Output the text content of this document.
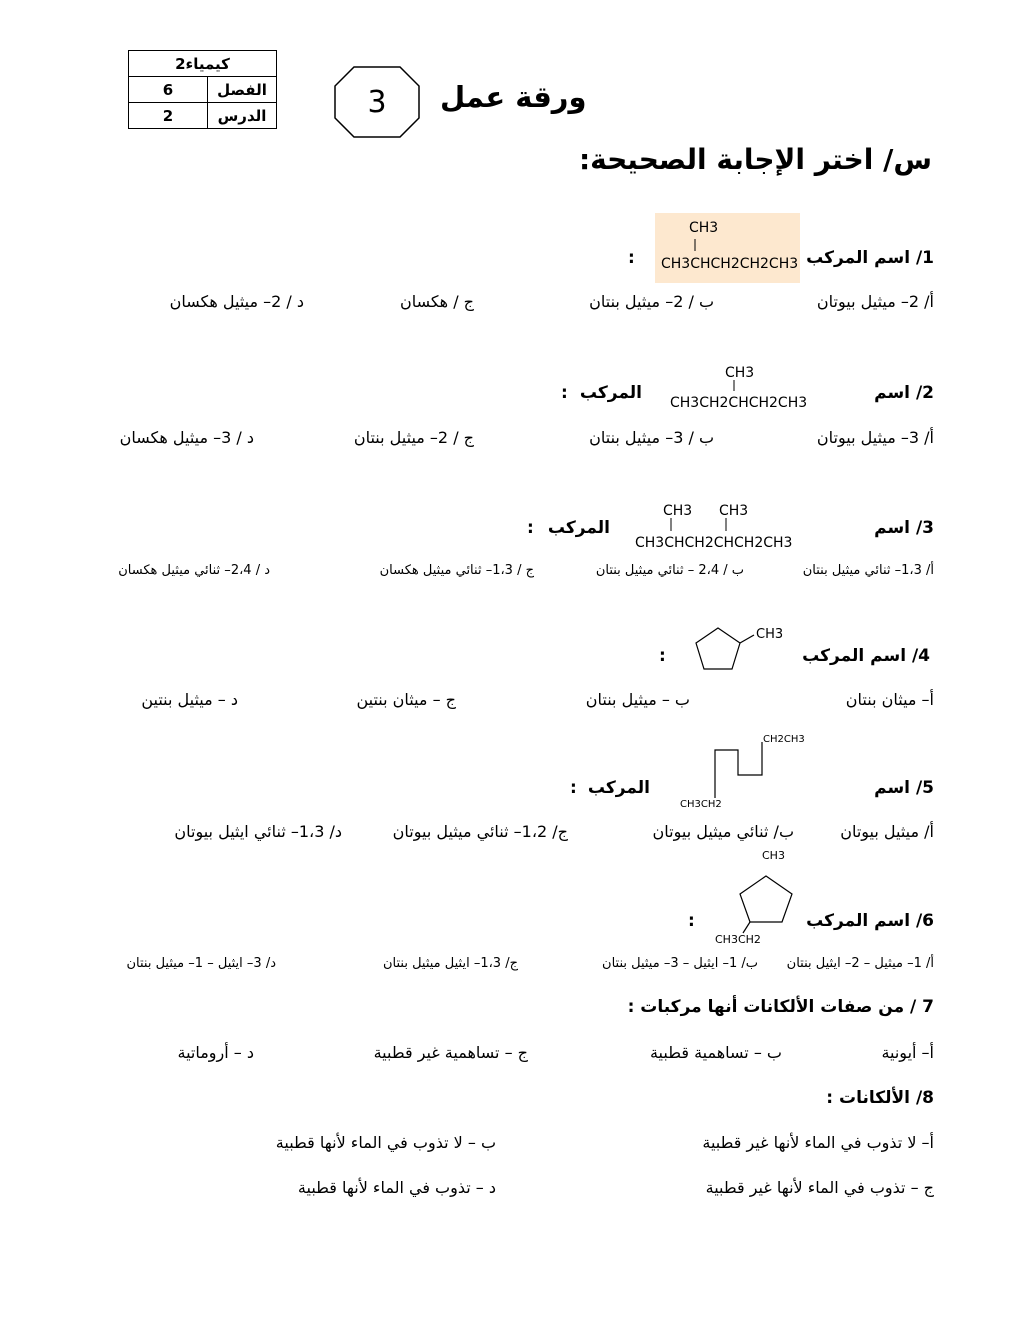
2كيمياء	
6	الفصل
2	الدرس	3 ورقة عمل
س/ اختر الإجابة الصحيحة:
1/ اسم المركب
:
CH3
CH3CHCH2CH2CH3
أ/ 2– ميثيل بيوتان
ب / 2– ميثيل بنتان
ج / هكسان
د / 2– ميثيل هكسان
2/ اسم
المركب
:
CH3
CH3CH2CHCH2CH3
أ/ 3– ميثيل بيوتان
ب / 3– ميثيل بنتان
ج / 2– ميثيل بنتان
د / 3– ميثيل هكسان
3/ اسم
المركب
:
CH3 CH3
CH3CHCH2CHCH2CH3
أ/ 1،3– ثنائي ميثيل بنتان
ب / 2،4 – ثنائي ميثيل بنتان
ج / 1،3– ثنائي ميثيل هكسان
د / 2،4– ثنائي ميثيل هكسان
4/ اسم المركب
:
CH3
أ– ميثان بنتان
ب – ميثيل بنتان
ج – ميثان بنتين
د – ميثيل بنتين
5/ اسم
المركب
:
CH2CH3
CH3CH2
أ/ ميثيل بيوتان
ب/ ثنائي ميثيل بيوتان
ج/ 1،2– ثنائي ميثيل بيوتان
د/ 1،3– ثنائي ايثيل بيوتان
6/ اسم المركب
:
CH3
CH3CH2
أ/ 1– ميثيل – 2– ايثيل بنتان
ب/ 1– ايثيل – 3– ميثيل بنتان
ج/ 1،3– ايثيل ميثيل بنتان
د/ 3– ايثيل – 1– ميثيل بنتان
7 / من صفات الألكانات أنها مركبات :
أ– أيونية
ب – تساهمية قطبية
ج – تساهمية غير قطبية
د – أروماتية
8/ الألكانات :
أ– لا تذوب في الماء لأنها غير قطبية
ب – لا تذوب في الماء لأنها قطبية
ج – تذوب في الماء لأنها غير قطبية
د – تذوب في الماء لأنها قطبية
